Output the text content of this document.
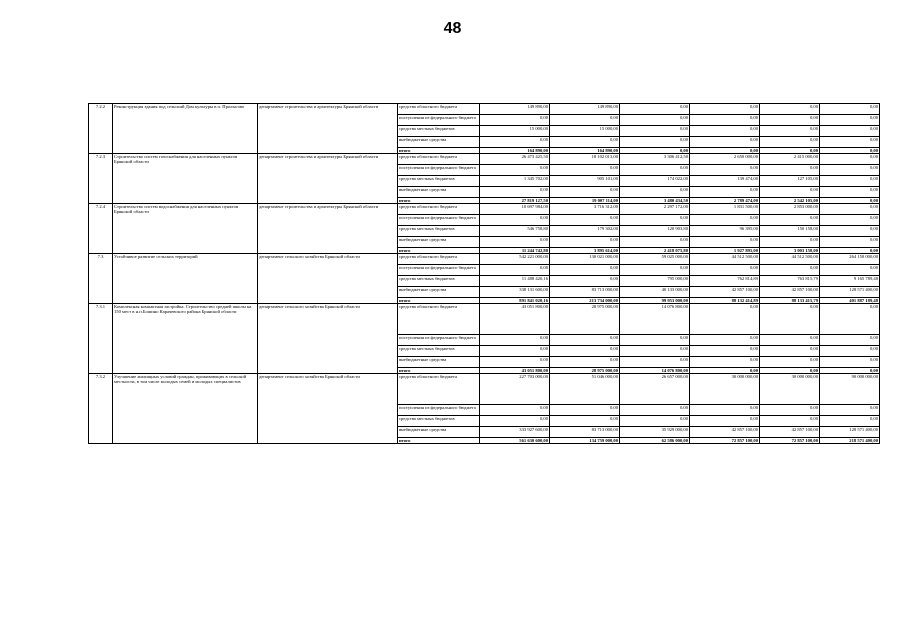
48
7.2.2	Реконструкция здания под сельский Дом культуры в п. Пролысово	департамент строительства и архитектуры Брянской области	средства областного бюджета	149 890,00	149 890,00	0,00	0,00	0,00	0,00
			поступления из федерального бюджета	0,00	0,00	0,00	0,00	0,00	0,00
			средства местных бюджетов	15 000,00	15 000,00	0,00	0,00	0,00	0,00
			внебюджетные средства	0,00	0,00	0,00	0,00	0,00	0,00
			итого	164 890,00	164 890,00	0,00	0,00	0,00	0,00
7.2.3	Строительство систем газоснабжения для населенных пунктов Брянской области	департамент строительства и архитектуры Брянской области	средства областного бюджета	26 473 425,50	18 102 013,00	3 306 412,50	2 650 000,00	2 415 000,00	0,00
			поступления из федерального бюджета	0,00	0,00	0,00	0,00	0,00	0,00
			средства местных бюджетов	1 345 702,00	905 101,00	174 022,00	139 474,00	127 105,00	0,00
			внебюджетные средства	0,00	0,00	0,00	0,00	0,00	0,00
			итого	27 819 127,50	19 007 114,00	3 480 434,50	2 789 474,00	2 542 105,00	0,00
7.2.4	Строительство систем водоснабжения для населенных пунктов Брянской области	департамент строительства и архитектуры Брянской области	средства областного бюджета	10 697 984,00	3 716 312,00	2 297 172,00	1 831 500,00	2 853 000,00	0,00
			поступления из федерального бюджета	0,00	0,00	0,00	0,00	0,00	0,00
			средства местных бюджетов	546 758,80	179 302,00	120 903,80	96 395,00	150 158,00	0,00
			внебюджетные средства	0,00	0,00	0,00	0,00	0,00	0,00
			итого	11 244 742,80	3 895 614,00	2 418 075,80	1 927 895,00	3 003 158,00	0,00
7.3	Устойчивое развитие сельских территорий	департамент сельского хозяйства Брянской области	средства областного бюджета	542 221 000,00	130 021 000,00	59 025 000,00	44 512 500,00	44 512 500,00	264 150 000,00
			поступления из федерального бюджета	0,00	0,00	0,00	0,00	0,00	0,00
			средства местных бюджетов	11 488 420,16	0,00	795 000,00	762 814,89	763 815,79	9 165 789,48
			внебюджетные средства	338 131 600,00	83 713 000,00	40 133 000,00	42 857 100,00	42 857 100,00	128 571 400,00
			итого	891 841 020,16	213 734 000,00	99 953 000,00	88 132 414,89	88 133 415,79	401 887 189,48
7.3.1	Комплексная компактная застройка. Строительство средней школы на 150 мест в н.п.Бошино Карачевского района Брянской области	департамент сельского хозяйства Брянской области	средства областного бюджета	43 051 800,00	28 975 000,00	14 076 800,00	0,00	0,00	0,00
			поступления из федерального бюджета	0,00	0,00	0,00	0,00	0,00	0,00
			средства местных бюджетов	0,00	0,00	0,00	0,00	0,00	0,00
			внебюджетные средства	0,00	0,00	0,00	0,00	0,00	0,00
			итого	43 051 800,00	28 975 000,00	14 076 800,00	0,00	0,00	0,00
7.3.2	Улучшение жилищных условий граждан, проживающих в сельской местности, в том числе молодых семей и молодых специалистов	департамент сельского хозяйства Брянской области	средства областного бюджета	227 703 000,00	51 046 000,00	26 657 000,00	30 000 000,00	30 000 000,00	90 000 000,00
			поступления из федерального бюджета	0,00	0,00	0,00	0,00	0,00	0,00
			средства местных бюджетов	0,00	0,00	0,00	0,00	0,00	0,00
			внебюджетные средства	333 927 600,00	83 713 000,00	35 929 000,00	42 857 100,00	42 857 100,00	128 571 400,00
			итого	561 630 600,00	134 759 000,00	62 586 000,00	72 857 100,00	72 857 100,00	218 571 400,00
